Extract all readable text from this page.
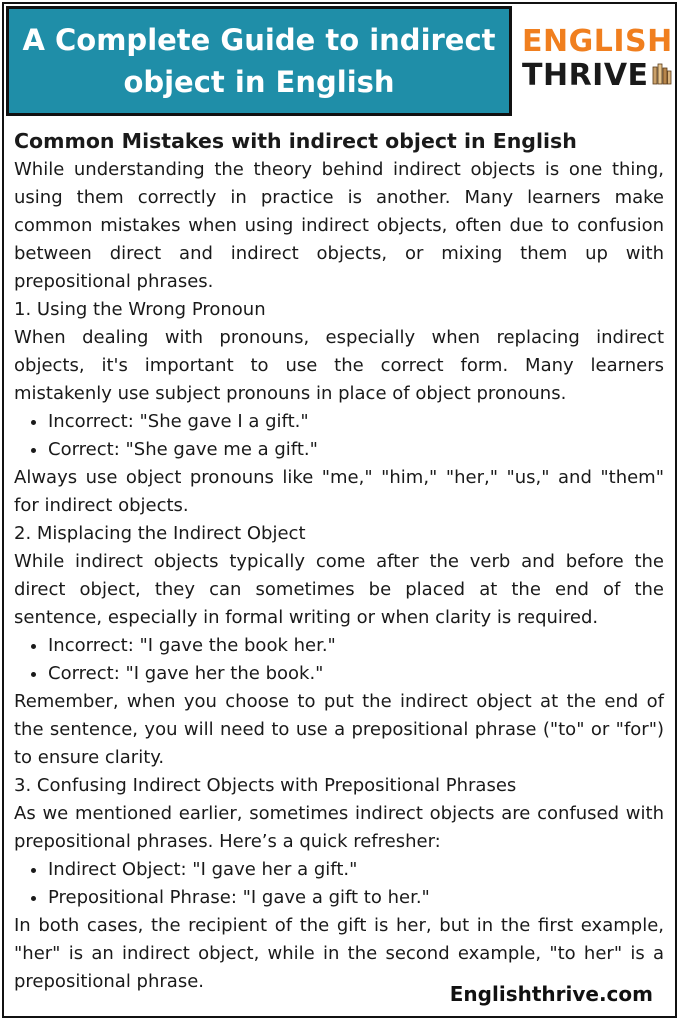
A Complete Guide to indirect
object in English
ENGLISH
THRIVE
Common Mistakes with indirect object in English

While understanding the theory behind indirect objects is one thing, using them correctly in practice is another. Many learners make common mistakes when using indirect objects, often due to confusion between direct and indirect objects, or mixing them up with prepositional phrases.

1. Using the Wrong Pronoun

When dealing with pronouns, especially when replacing indirect objects, it's important to use the correct form. Many learners mistakenly use subject pronouns in place of object pronouns.

• Incorrect: "She gave I a gift."
• Correct: "She gave me a gift."

Always use object pronouns like "me," "him," "her," "us," and "them" for indirect objects.

2. Misplacing the Indirect Object

While indirect objects typically come after the verb and before the direct object, they can sometimes be placed at the end of the sentence, especially in formal writing or when clarity is required.

• Incorrect: "I gave the book her."
• Correct: "I gave her the book."

Remember, when you choose to put the indirect object at the end of the sentence, you will need to use a prepositional phrase ("to" or "for") to ensure clarity.

3. Confusing Indirect Objects with Prepositional Phrases

As we mentioned earlier, sometimes indirect objects are confused with prepositional phrases. Here’s a quick refresher:

• Indirect Object: "I gave her a gift."
• Prepositional Phrase: "I gave a gift to her."

In both cases, the recipient of the gift is her, but in the first example, "her" is an indirect object, while in the second example, "to her" is a prepositional phrase.

Englishthrive.com
